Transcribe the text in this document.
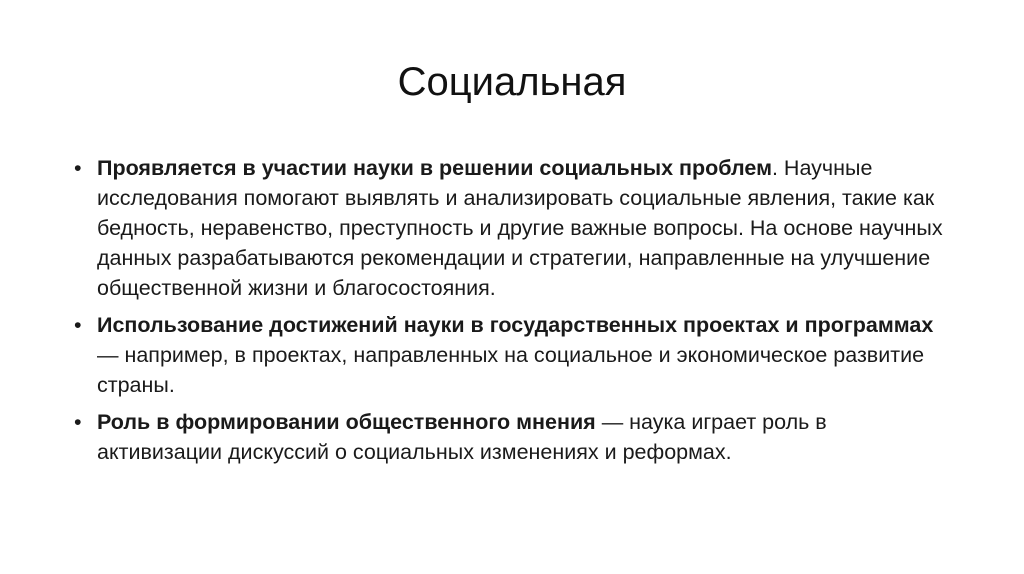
Социальная
• Проявляется в участии науки в решении социальных проблем. Научные исследования помогают выявлять и анализировать социальные явления, такие как бедность, неравенство, преступность и другие важные вопросы. На основе научных данных разрабатываются рекомендации и стратегии, направленные на улучшение общественной жизни и благосостояния.
• Использование достижений науки в государственных проектах и программах — например, в проектах, направленных на социальное и экономическое развитие страны.
• Роль в формировании общественного мнения — наука играет роль в активизации дискуссий о социальных изменениях и реформах.
